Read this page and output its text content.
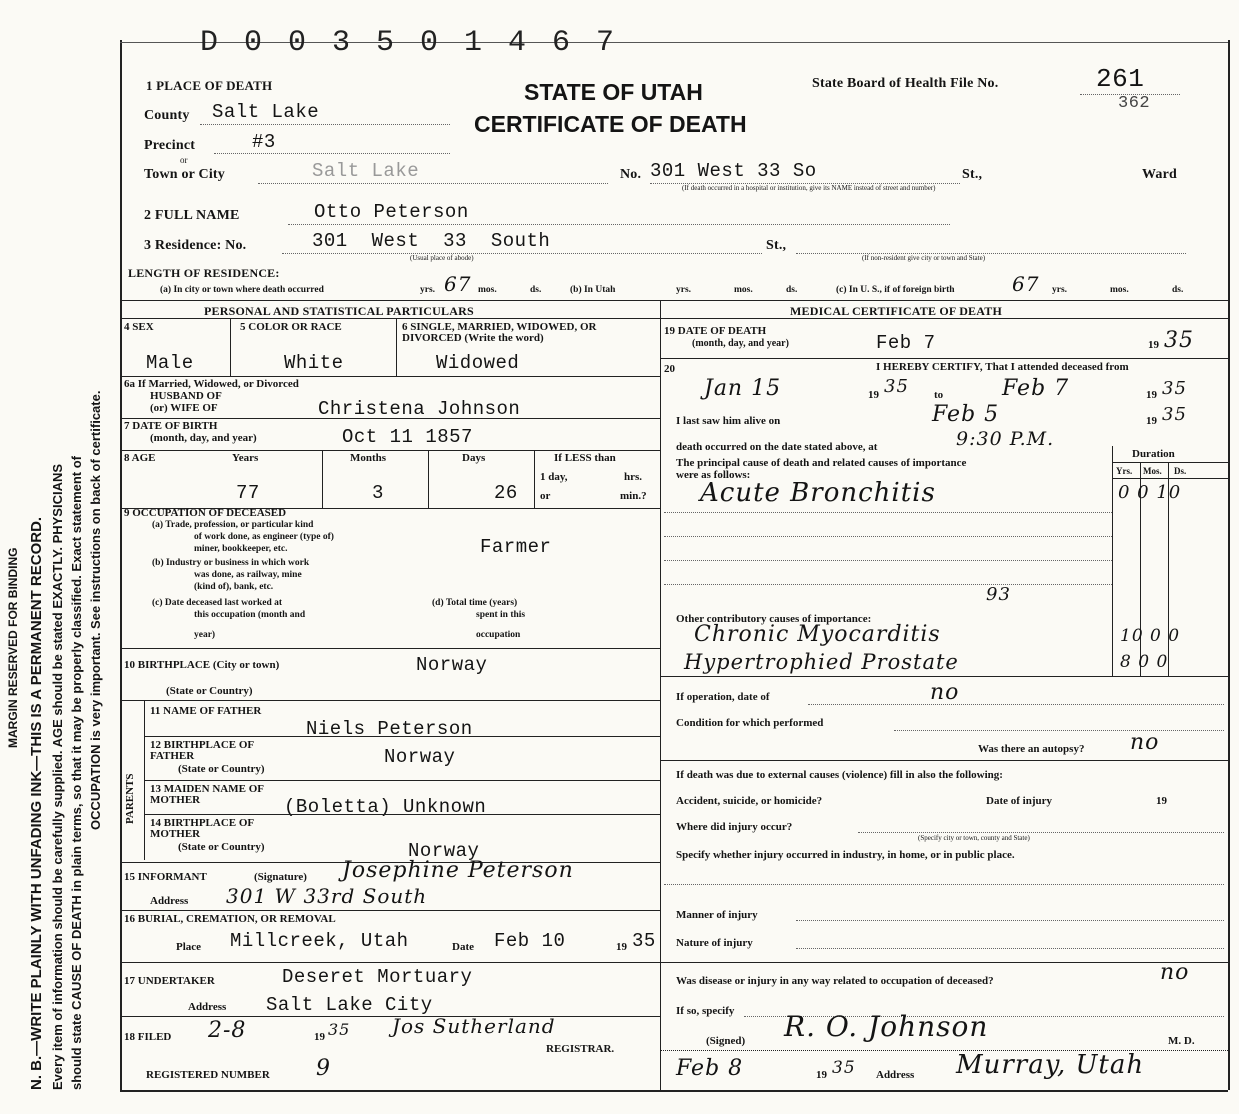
D 0 0 3 5 0 1 4 6 7
MARGIN RESERVED FOR BINDING N. B.—WRITE PLAINLY WITH UNFADING INK—THIS IS A PERMANENT RECORD. Every item of information should be carefully supplied. AGE should be stated EXACTLY. PHYSICIANS should state CAUSE OF DEATH in plain terms, so that it may be properly classified. Exact statement of OCCUPATION is very important. See instructions on back of certificate.
1 PLACE OF DEATH	STATE OF UTAH
CERTIFICATE OF DEATH
State Board of Health File No.	261
362
County Salt Lake
Precinct	#3
or
Town or City	Salt Lake	No. 301 West 33 So	St.,	Ward
(If death occurred in a hospital or institution, give its NAME instead of street and number)
2 FULL NAME	Otto Peterson
3 Residence: No.	301 West 33 South	St.,
(Usual place of abode)	(If non-resident give city or town and State)
LENGTH OF RESIDENCE:
(a) In city or town where death occurred	yrs. 67 mos.	ds.	(b) In Utah	yrs.	mos.	ds.	(c) In U. S., if of foreign birth	67 yrs.	mos.	ds.
PERSONAL AND STATISTICAL PARTICULARS	MEDICAL CERTIFICATE OF DEATH
4 SEX	5 COLOR OR RACE	6 SINGLE, MARRIED, WIDOWED, OR DIVORCED (Write the word)
Male	White	Widowed
6a If Married, Widowed, or Divorced
HUSBAND OF
(or) WIFE OF	Christena Johnson
7 DATE OF BIRTH
(month, day, and year)	Oct 11 1857
8 AGE	Years	Months	Days	If LESS than
1 day,	hrs.
or	min.?
77	3	26
9 OCCUPATION OF DECEASED
(a) Trade, profession, or particular kind
of work done, as engineer (type of)
miner, bookkeeper, etc.	Farmer
(b) Industry or business in which work
was done, as railway, mine
(kind of), bank, etc.
(c) Date deceased last worked at
this occupation (month and
year)
(d) Total time (years)
spent in this
occupation
10 BIRTHPLACE (City or town)
(State or Country)
Norway
PARENTS
11 NAME OF FATHER
Niels Peterson
12 BIRTHPLACE OF FATHER
(State or Country)
Norway
13 MAIDEN NAME OF MOTHER	(Boletta) Unknown
14 BIRTHPLACE OF MOTHER
(State or Country)	Norway
15 INFORMANT	(Signature) Josephine Peterson
Address 301 W 33rd South
16 BURIAL, CREMATION, OR REMOVAL
Place Millcreek, Utah	Date Feb 10	19 35
17 UNDERTAKER	Deseret Mortuary
Address Salt Lake City
18 FILED 2-8	19 35 Jos Sutherland
REGISTRAR.
REGISTERED NUMBER 9
19 DATE OF DEATH
(month, day, and year)	Feb 7	19 35
20	I HEREBY CERTIFY, That I attended deceased from
Jan 15	19 35 to	Feb 7	19 35
I last saw him alive on	Feb 5	19 35
death occurred on the date stated above, at	9:30 P.M.
The principal cause of death and related causes of importance
were as follows:
Duration
Yrs. Mos. Ds.
Acute Bronchitis	0 0 10
93
Other contributory causes of importance:
Chronic Myocarditis	10 0 0
Hypertrophied Prostate	8 0 0
If operation, date of	no
Condition for which performed
Was there an autopsy? no
If death was due to external causes (violence) fill in also the following:
Accident, suicide, or homicide?	Date of injury	19
Where did injury occur?
(Specify city or town, county and State)
Specify whether injury occurred in industry, in home, or in public place.
Manner of injury
Nature of injury
Was disease or injury in any way related to occupation of deceased?	no
If so, specify
(Signed) R. O. Johnson	M. D.
Feb 8	19 35 Address Murray, Utah
